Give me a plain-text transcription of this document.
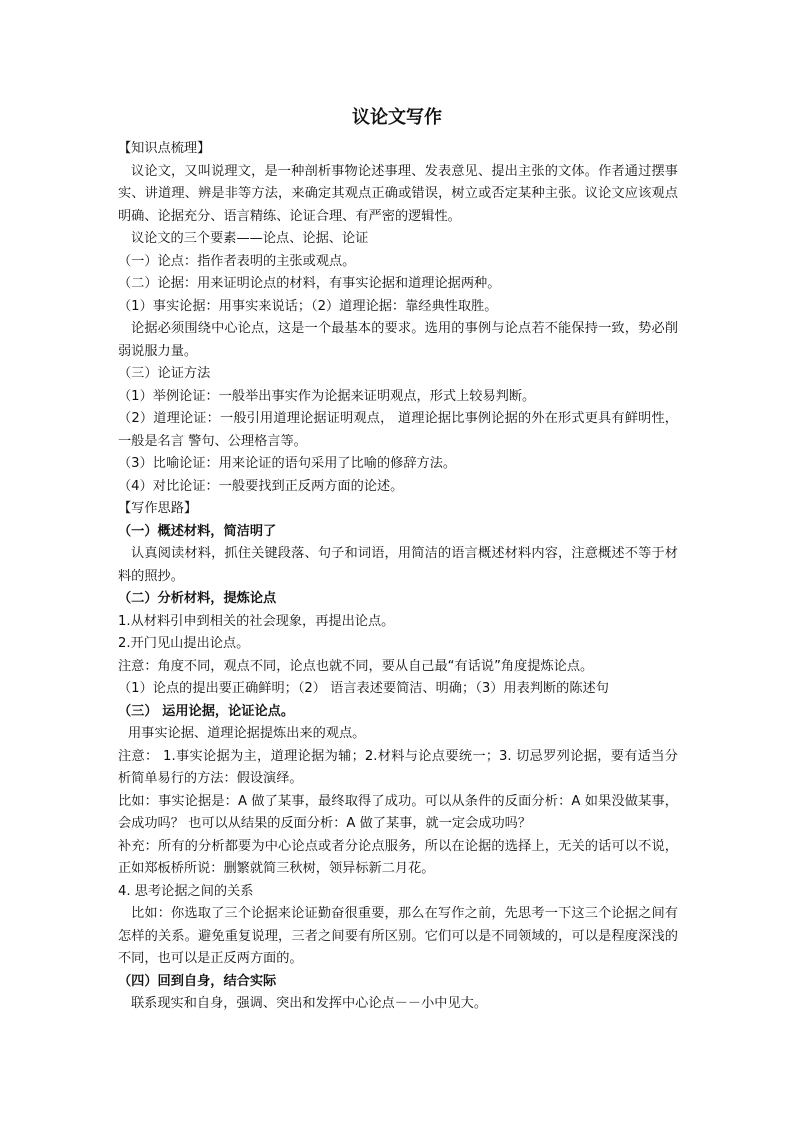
议论文写作

【知识点梳理】

议论文，又叫说理文，是一种剖析事物论述事理、发表意见、提出主张的文体。作者通过摆事实、讲道理、辨是非等方法，来确定其观点正确或错误，树立或否定某种主张。议论文应该观点明确、论据充分、语言精练、论证合理、有严密的逻辑性。

议论文的三个要素——论点、论据、论证

（一）论点：指作者表明的主张或观点。

（二）论据：用来证明论点的材料，有事实论据和道理论据两种。

（1）事实论据：用事实来说话；（2）道理论据：靠经典性取胜。

论据必须围绕中心论点，这是一个最基本的要求。选用的事例与论点若不能保持一致，势必削弱说服力量。

（三）论证方法

（1）举例论证：一般举出事实作为论据来证明观点，形式上较易判断。

（2）道理论证：一般引用道理论据证明观点， 道理论据比事例论据的外在形式更具有鲜明性，一般是名言 警句、公理格言等。

（3）比喻论证：用来论证的语句采用了比喻的修辞方法。

（4）对比论证：一般要找到正反两方面的论述。

【写作思路】

（一）概述材料，简洁明了

认真阅读材料，抓住关键段落、句子和词语，用简洁的语言概述材料内容，注意概述不等于材料的照抄。

（二）分析材料，提炼论点

1.从材料引申到相关的社会现象，再提出论点。

2.开门见山提出论点。

注意：角度不同，观点不同，论点也就不同，要从自己最“有话说”角度提炼论点。

（1）论点的提出要正确鲜明；（2） 语言表述要简洁、明确；（3）用表判断的陈述句

（三） 运用论据，论证论点。

用事实论据、道理论据提炼出来的观点。

注意： 1.事实论据为主，道理论据为辅；2.材料与论点要统一；3. 切忌罗列论据，要有适当分析简单易行的方法：假设演绎。

比如：事实论据是：A 做了某事，最终取得了成功。可以从条件的反面分析：A 如果没做某事，会成功吗？ 也可以从结果的反面分析：A 做了某事，就一定会成功吗？

补充：所有的分析都要为中心论点或者分论点服务，所以在论据的选择上，无关的话可以不说，正如郑板桥所说：删繁就简三秋树，领异标新二月花。

4. 思考论据之间的关系

比如：你选取了三个论据来论证勤奋很重要，那么在写作之前，先思考一下这三个论据之间有怎样的关系。避免重复说理，三者之间要有所区别。它们可以是不同领域的，可以是程度深浅的不同，也可以是正反两方面的。

（四）回到自身，结合实际

联系现实和自身，强调、突出和发挥中心论点－－小中见大。
